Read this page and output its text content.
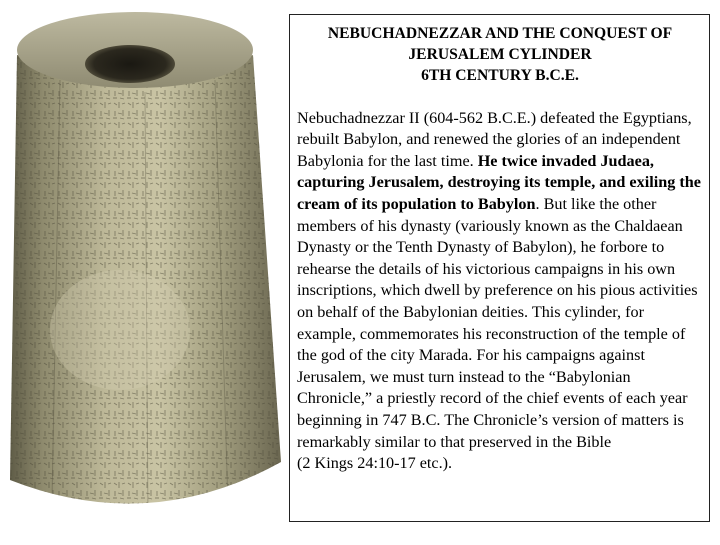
NEBUCHADNEZZAR AND THE CONQUEST OF
JERUSALEM CYLINDER
6TH CENTURY B.C.E.

Nebuchadnezzar II (604-562 B.C.E.) defeated the Egyptians, rebuilt Babylon, and renewed the glories of an independent Babylonia for the last time. He twice invaded Judaea, capturing Jerusalem, destroying its temple, and exiling the cream of its population to Babylon. But like the other members of his dynasty (variously known as the Chaldaean Dynasty or the Tenth Dynasty of Babylon), he forbore to rehearse the details of his victorious campaigns in his own inscriptions, which dwell by preference on his pious activities on behalf of the Babylonian deities. This cylinder, for example, commemorates his reconstruction of the temple of the god of the city Marada. For his campaigns against Jerusalem, we must turn instead to the “Babylonian Chronicle,” a priestly record of the chief events of each year beginning in 747 B.C. The Chronicle’s version of matters is remarkably similar to that preserved in the Bible
(2 Kings 24:10-17 etc.).
